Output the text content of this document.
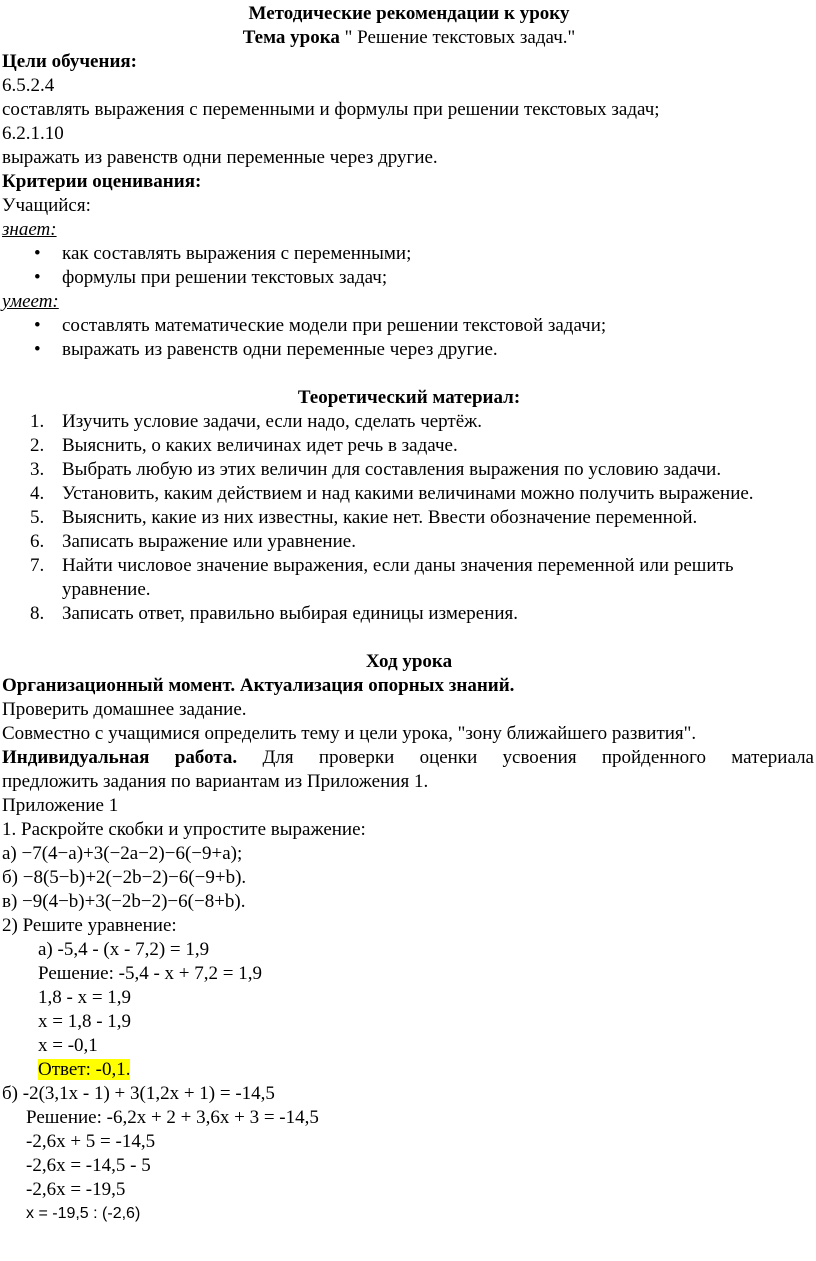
Методические рекомендации к уроку
Тема урока " Решение текстовых задач."
Цели обучения:
6.5.2.4
составлять выражения с переменными и формулы при решении текстовых задач;
6.2.1.10
выражать из равенств одни переменные через другие.
Критерии оценивания:
Учащийся:
знает:
• как составлять выражения с переменными;
• формулы при решении текстовых задач;
умеет:
• составлять математические модели при решении текстовой задачи;
• выражать из равенств одни переменные через другие.
Теоретический материал:
1. Изучить условие задачи, если надо, сделать чертёж.
2. Выяснить, о каких величинах идет речь в задаче.
3. Выбрать любую из этих величин для составления выражения по условию задачи.
4. Установить, каким действием и над какими величинами можно получить выражение.
5. Выяснить, какие из них известны, какие нет. Ввести обозначение переменной.
6. Записать выражение или уравнение.
7. Найти числовое значение выражения, если даны значения переменной или решить уравнение.
8. Записать ответ, правильно выбирая единицы измерения.
Ход урока
Организационный момент. Актуализация опорных знаний.
Проверить домашнее задание.
Совместно с учащимися определить тему и цели урока, "зону ближайшего развития".
Индивидуальная работа. Для проверки оценки усвоения пройденного материала
предложить задания по вариантам из Приложения 1.
Приложение 1
1. Раскройте скобки и упростите выражение:
а) −7(4−а)+3(−2а−2)−6(−9+а);
б) −8(5−b)+2(−2b−2)−6(−9+b).
в) −9(4−b)+3(−2b−2)−6(−8+b).
2) Решите уравнение:
а) -5,4 - (х - 7,2) = 1,9
Решение: -5,4 - х + 7,2 = 1,9
1,8 - х = 1,9
х = 1,8 - 1,9
х = -0,1
Ответ: -0,1.
б) -2(3,1х - 1) + 3(1,2х + 1) = -14,5
Решение: -6,2х + 2 + 3,6х + 3 = -14,5
-2,6х + 5 = -14,5
-2,6х = -14,5 - 5
-2,6х = -19,5
х = -19,5 : (-2,6)
